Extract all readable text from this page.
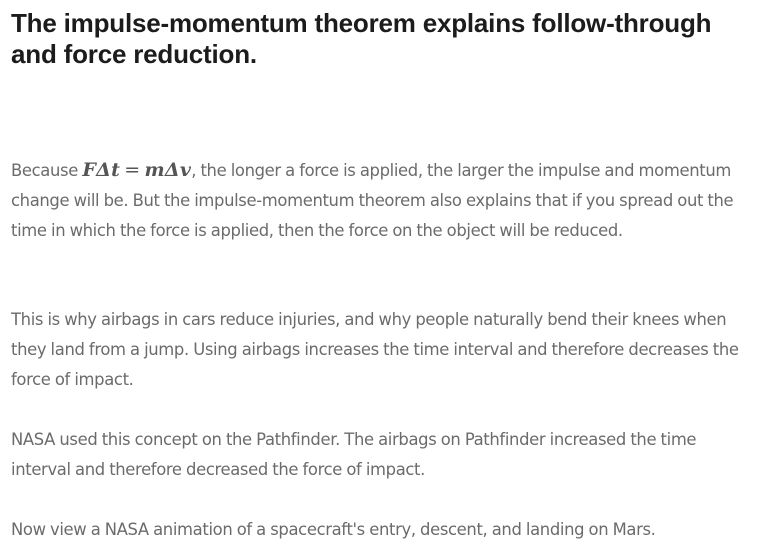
The impulse-momentum theorem explains follow-through and force reduction.

Because FΔt = mΔv, the longer a force is applied, the larger the impulse and momentum change will be. But the impulse-momentum theorem also explains that if you spread out the time in which the force is applied, then the force on the object will be reduced.

This is why airbags in cars reduce injuries, and why people naturally bend their knees when they land from a jump. Using airbags increases the time interval and therefore decreases the force of impact.

NASA used this concept on the Pathfinder. The airbags on Pathfinder increased the time interval and therefore decreased the force of impact.

Now view a NASA animation of a spacecraft's entry, descent, and landing on Mars.
